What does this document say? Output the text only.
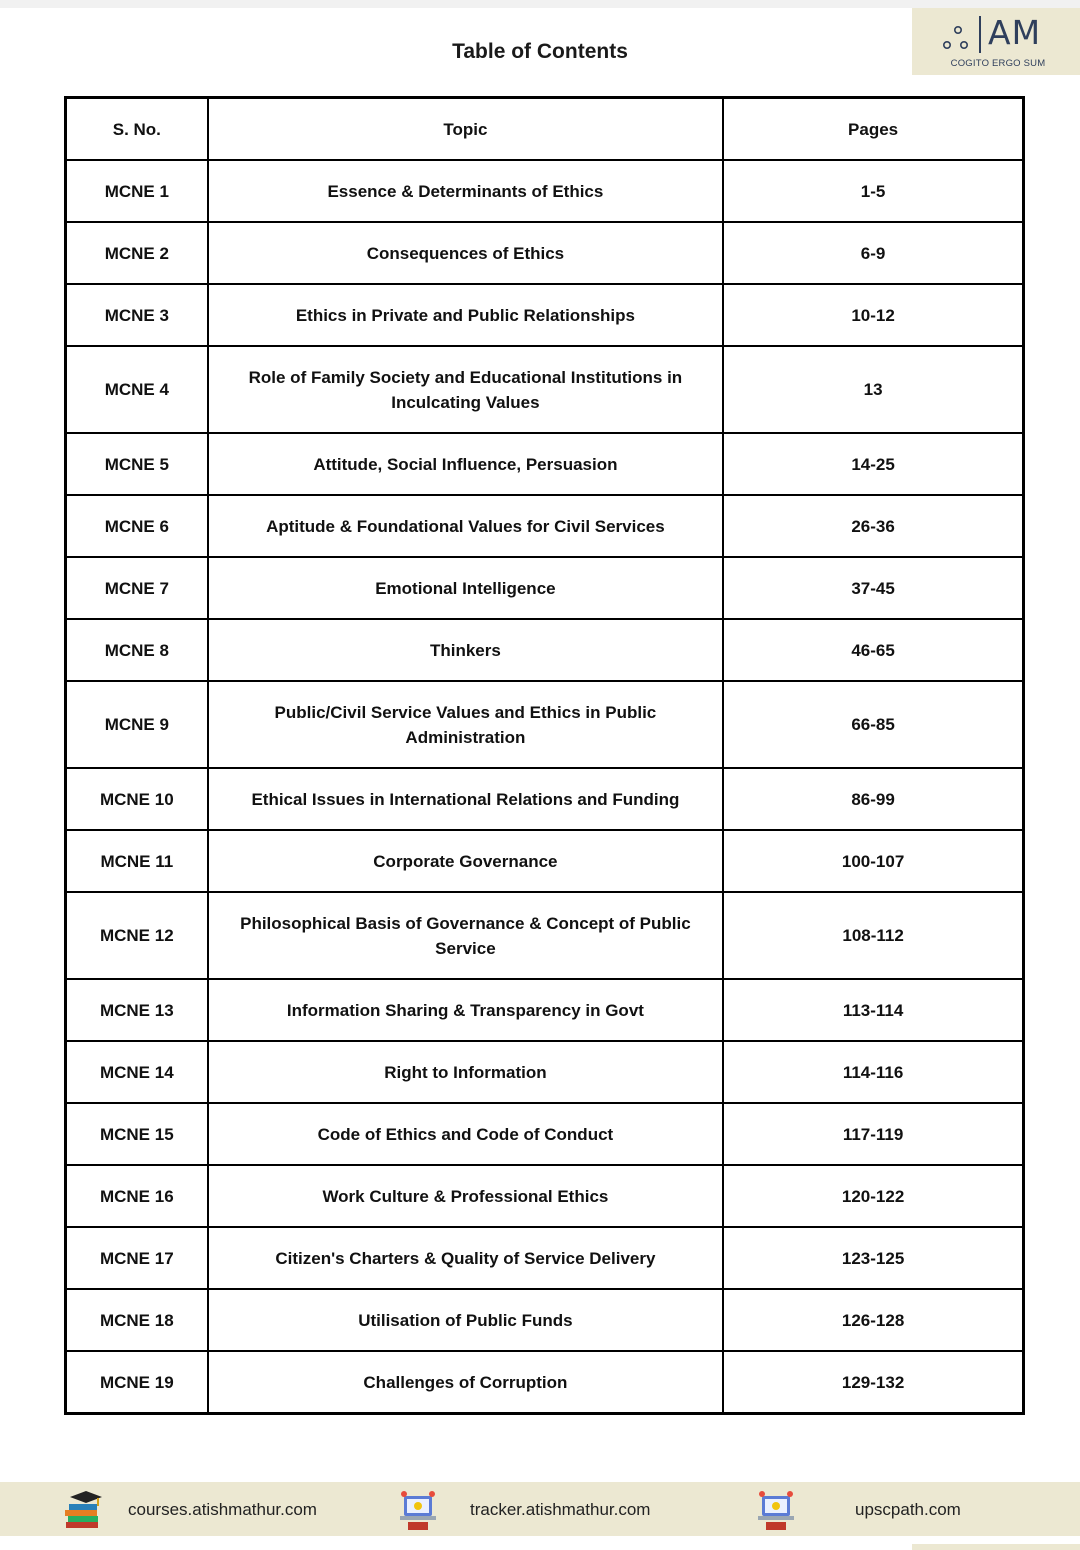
Table of Contents	AM
COGITO ERGO SUM
S. No.	Topic	Pages
MCNE 1	Essence & Determinants of Ethics	1-5
MCNE 2	Consequences of Ethics	6-9
MCNE 3	Ethics in Private and Public Relationships	10-12
MCNE 4	Role of Family Society and Educational Institutions in Inculcating Values	13
MCNE 5	Attitude, Social Influence, Persuasion	14-25
MCNE 6	Aptitude & Foundational Values for Civil Services	26-36
MCNE 7	Emotional Intelligence	37-45
MCNE 8	Thinkers	46-65
MCNE 9	Public/Civil Service Values and Ethics in Public Administration	66-85
MCNE 10	Ethical Issues in International Relations and Funding	86-99
MCNE 11	Corporate Governance	100-107
MCNE 12	Philosophical Basis of Governance & Concept of Public Service	108-112
MCNE 13	Information Sharing & Transparency in Govt	113-114
MCNE 14	Right to Information	114-116
MCNE 15	Code of Ethics and Code of Conduct	117-119
MCNE 16	Work Culture & Professional Ethics	120-122
MCNE 17	Citizen's Charters & Quality of Service Delivery	123-125
MCNE 18	Utilisation of Public Funds	126-128
MCNE 19	Challenges of Corruption	129-132
courses.atishmathur.com	tracker.atishmathur.com	upscpath.com
